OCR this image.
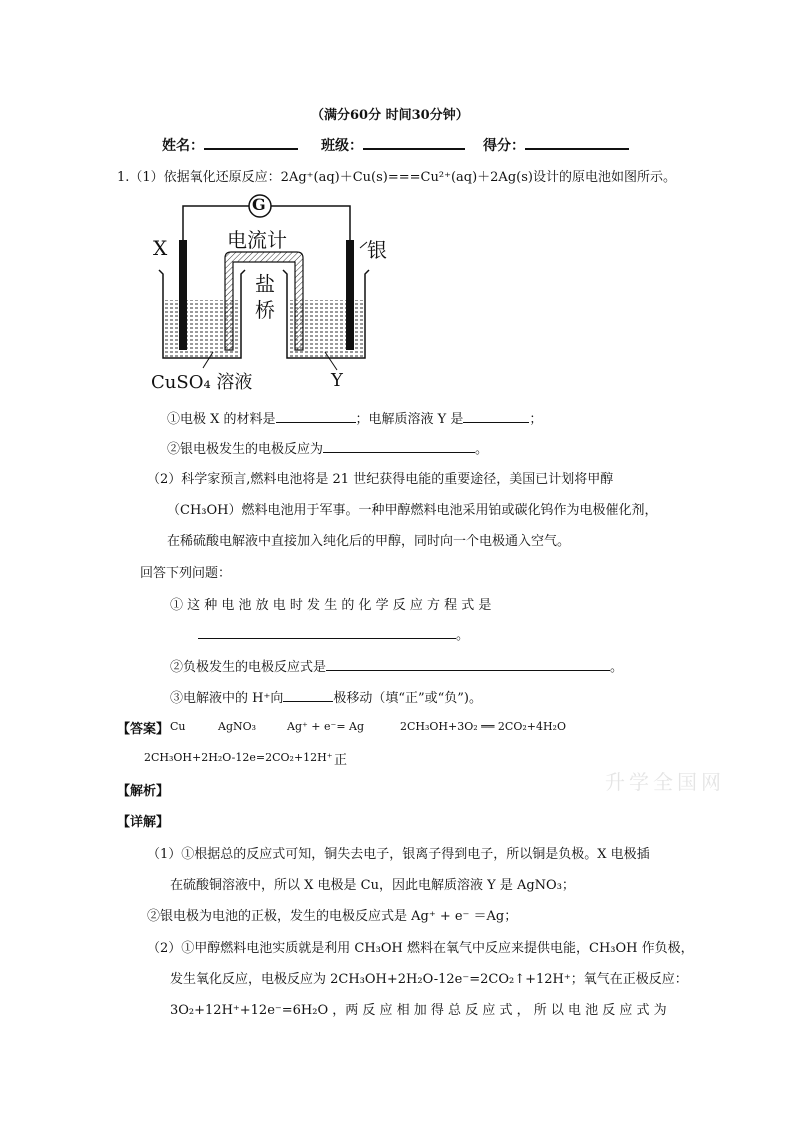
（满分60分 时间30分钟）
姓名：	班级：	得分：
1.（1）依据氧化还原反应：2Ag⁺(aq)＋Cu(s)===Cu²⁺(aq)＋2Ag(s)设计的原电池如图所示。
G
电流计
X	银
盐
桥
CuSO₄ 溶液	Y
①电极 X 的材料是	；电解质溶液 Y 是	；
②银电极发生的电极反应为	。
（2）科学家预言,燃料电池将是 21 世纪获得电能的重要途径，美国已计划将甲醇
（CH₃OH）燃料电池用于军事。一种甲醇燃料电池采用铂或碳化钨作为电极催化剂，
在稀硫酸电解液中直接加入纯化后的甲醇，同时向一个电极通入空气。
回答下列问题：
① 这 种 电 池 放 电 时 发 生 的 化 学 反 应 方 程 式 是
。
②负极发生的电极反应式是	。
③电解液中的 H⁺向	极移动（填“正”或“负”)。
【答案】 Cu	AgNO₃	Ag⁺ + e⁻= Ag	2CH₃OH+3O₂ ══ 2CO₂+4H₂O
2CH₃OH+2H₂O-12e=2CO₂+12H⁺ 正
升学全国网
【解析】
【详解】
（1）①根据总的反应式可知，铜失去电子，银离子得到电子，所以铜是负极。X 电极插
在硫酸铜溶液中，所以 X 电极是 Cu，因此电解质溶液 Y 是 AgNO₃；
②银电极为电池的正极，发生的电极反应式是 Ag⁺ + e⁻ ＝Ag；
（2）①甲醇燃料电池实质就是利用 CH₃OH 燃料在氧气中反应来提供电能，CH₃OH 作负极，
发生氧化反应，电极反应为 2CH₃OH+2H₂O-12e⁻=2CO₂↑+12H⁺；氧气在正极反应：
3O₂+12H⁺+12e⁻=6H₂O ，两 反 应 相 加 得 总 反 应 式 ， 所 以 电 池 反 应 式 为
